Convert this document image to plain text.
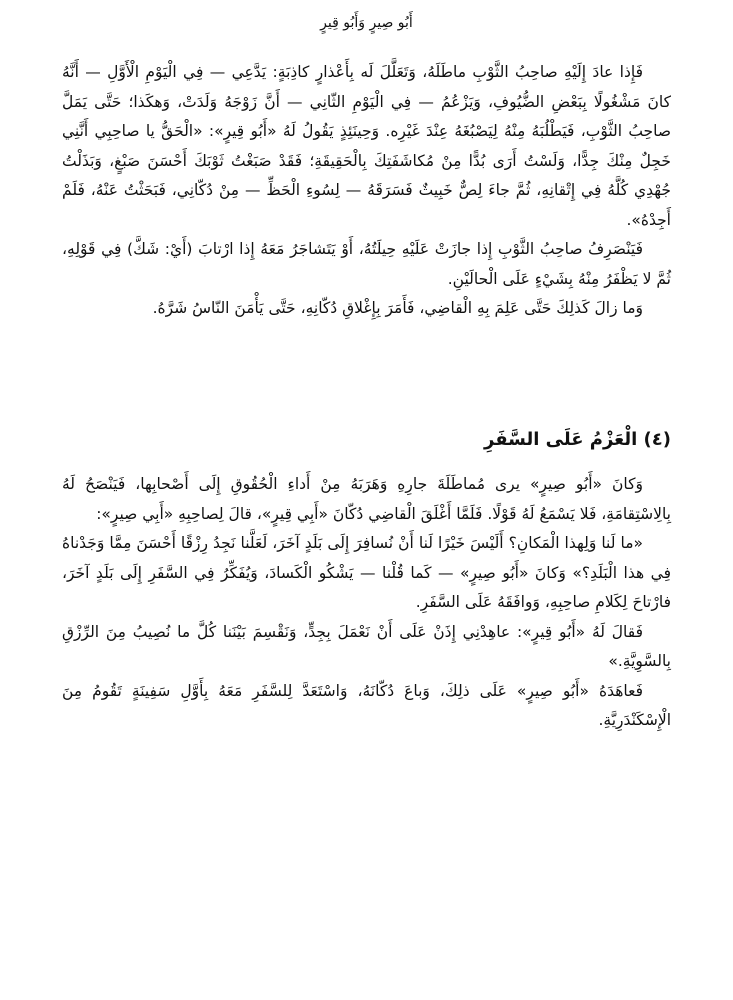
أَبُو صِيرٍ وَأَبُو قِيرٍ

فَإِذا عادَ إِلَيْهِ صاحِبُ الثَّوْبِ ماطَلَهُ، وَتَعَلَّلَ لَه بِأَعْذارٍ كاذِبَةٍ: يَدَّعِي — فِي الْيَوْمِ الْأَوَّلِ — أَنَّهُ كانَ مَشْغُولًا بِبَعْضِ الضُّيُوفِ، وَيَزْعُمُ — فِي الْيَوْمِ الثّانِي — أَنَّ زَوْجَهُ وَلَدَتْ، وَهكَذا؛ حَتَّى يَمَلَّ صاحِبُ الثَّوْبِ، فَيَطْلُبَهُ مِنْهُ لِيَصْبُغَهُ عِنْدَ غَيْرِه. وَحِينَئِذٍ يَقُولُ لَهُ «أَبُو قِيرٍ»: «الْحَقُّ يا صاحِبِي أَنَّنِي خَجِلٌ مِنْكَ جِدًّا، وَلَسْتُ أَرَى بُدًّا مِنْ مُكاشَفَتِكَ بِالْحَقِيقَةِ؛ فَقَدْ صَبَغْتُ ثَوْبَكَ أَحْسَنَ صَبْغٍ، وَبَذَلْتُ جُهْدِي كُلَّهُ فِي إِتْقانِهِ، ثُمَّ جاءَ لِصٌّ خَبِيثٌ فَسَرَقَهُ — لِسُوءِ الْحَظِّ — مِنْ دُكّانِي، فَبَحَثْتُ عَنْهُ، فَلَمْ أَجِدْهُ».

فَيَنْصَرِفُ صاحِبُ الثَّوْبِ إِذا جازَتْ عَلَيْهِ حِيلَتُهُ، أَوْ يَتَشاجَرُ مَعَهُ إِذا ارْتابَ (أَيْ: شَكَّ) فِي قَوْلِهِ، ثُمَّ لا يَظْفَرُ مِنْهُ بِشَيْءٍ عَلَى الْحالَيْنِ.

وَما زالَ كَذلِكَ حَتَّى عَلِمَ بِهِ الْقاضِي، فَأَمَرَ بِإِغْلاقِ دُكّانِهِ، حَتَّى يَأْمَنَ النّاسُ شَرَّهُ.

(٤) الْعَزْمُ عَلَى السَّفَرِ

وَكانَ «أَبُو صِيرٍ» يرى مُماطَلَةَ جارِهِ وَهَرَبَهُ مِنْ أَداءِ الْحُقُوقِ إِلَى أَصْحابِها، فَيَنْصَحُ لَهُ بِالِاسْتِقامَةِ، فَلا يَسْمَعُ لَهُ قَوْلًا. فَلَمَّا أَغْلَقَ الْقاضِي دُكّانَ «أَبِي قِيرٍ»، قالَ لِصاحِبِهِ «أَبِي صِيرٍ»:

«ما لَنا وَلِهذا الْمَكانِ؟ أَلَيْسَ خَيْرًا لَنا أَنْ نُسافِرَ إِلَى بَلَدٍ آخَرَ، لَعَلَّنا نَجِدُ رِزْقًا أَحْسَنَ مِمَّا وَجَدْناهُ فِي هذا الْبَلَدِ؟» وَكانَ «أَبُو صِيرٍ» — كَما قُلْنا — يَشْكُو الْكَسادَ، وَيُفَكِّرُ فِي السَّفَرِ إِلَى بَلَدٍ آخَرَ، فارْتاحَ لِكَلامِ صاحِبِهِ، وَوافَقَهُ عَلَى السَّفَرِ.

فَقالَ لَهُ «أَبُو قِيرٍ»: عاهِدْنِي إِذَنْ عَلَى أَنْ نَعْمَلَ بِجِدٍّ، وَنَقْسِمَ بَيْنَنا كُلَّ ما نُصِيبُ مِنَ الرِّزْقِ بِالسَّوِيَّةِ.»

فَعاهَدَهُ «أَبُو صِيرٍ» عَلَى ذلِكَ، وَباعَ دُكّانَهُ، وَاسْتَعَدَّ لِلسَّفَرِ مَعَهُ بِأَوَّلِ سَفِينَةٍ تَقُومُ مِنَ الْإِسْكَنْدَرِيَّةِ.
